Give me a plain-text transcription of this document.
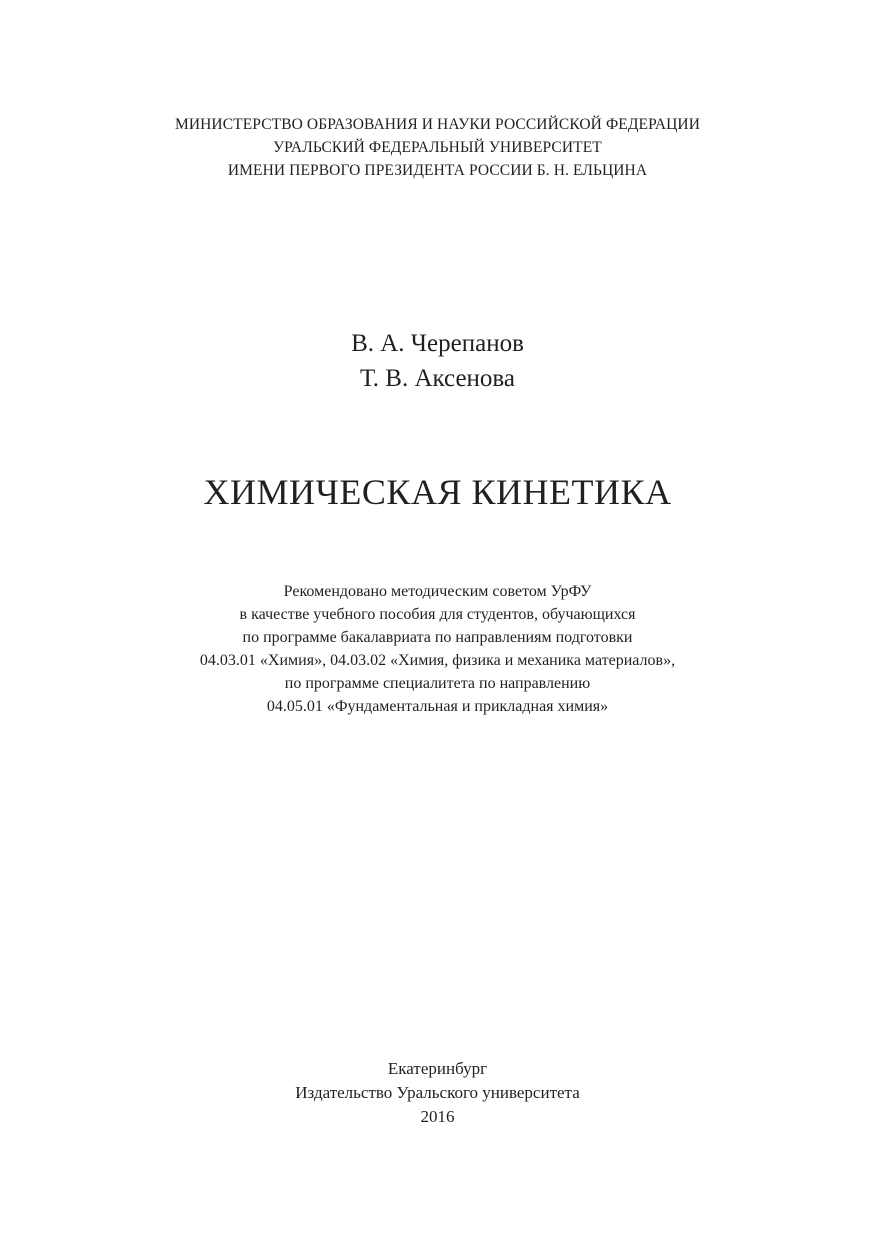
МИНИСТЕРСТВО ОБРАЗОВАНИЯ И НАУКИ РОССИЙСКОЙ ФЕДЕРАЦИИ
УРАЛЬСКИЙ ФЕДЕРАЛЬНЫЙ УНИВЕРСИТЕТ
ИМЕНИ ПЕРВОГО ПРЕЗИДЕНТА РОССИИ Б. Н. ЕЛЬЦИНА
В. А. Черепанов
Т. В. Аксенова
ХИМИЧЕСКАЯ КИНЕТИКА
Рекомендовано методическим советом УрФУ
в качестве учебного пособия для студентов, обучающихся
по программе бакалавриата по направлениям подготовки
04.03.01 «Химия», 04.03.02 «Химия, физика и механика материалов»,
по программе специалитета по направлению
04.05.01 «Фундаментальная и прикладная химия»
Екатеринбург
Издательство Уральского университета
2016
